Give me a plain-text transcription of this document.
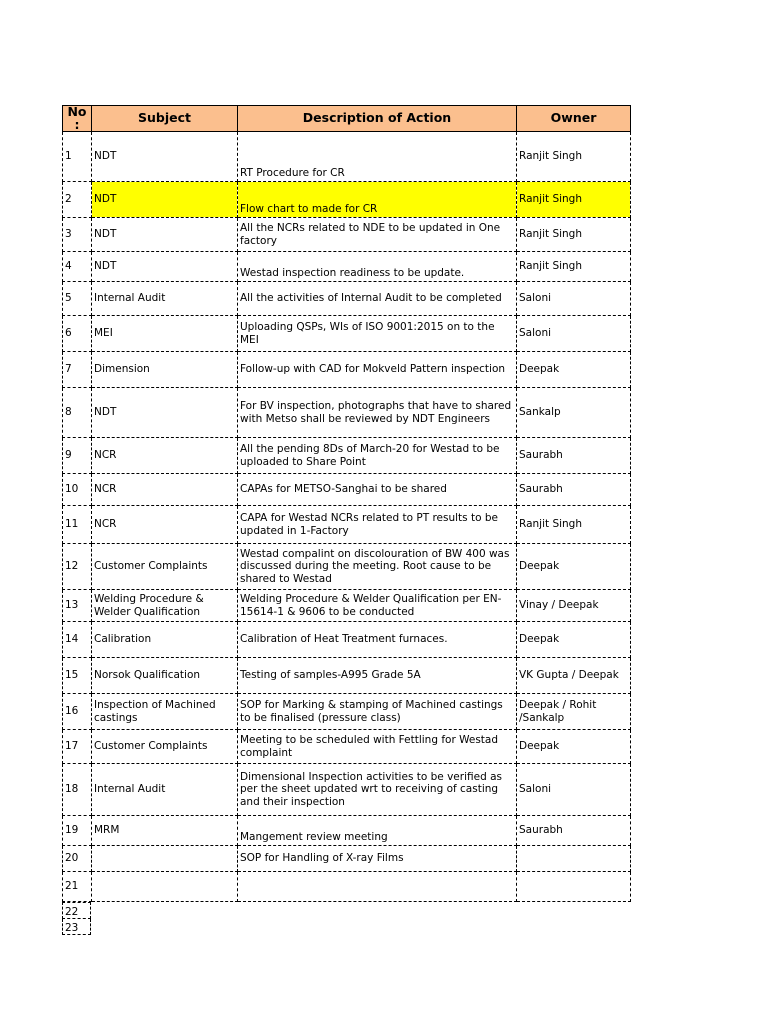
No:	Subject	Description of Action	Owner
1	NDT	RT Procedure for CR	Ranjit Singh
2	NDT	Flow chart to made for CR	Ranjit Singh
3	NDT	All the NCRs related to NDE to be updated in One factory	Ranjit Singh
4	NDT	Westad inspection readiness to be update.	Ranjit Singh
5	Internal Audit	All the activities of Internal Audit to be completed	Saloni
6	MEI	Uploading QSPs, WIs of ISO 9001:2015 on to the MEI	Saloni
7	Dimension	Follow-up with CAD for Mokveld Pattern inspection	Deepak
8	NDT	For BV inspection, photographs that have to shared with Metso shall be reviewed by NDT Engineers	Sankalp
9	NCR	All the pending 8Ds of March-20 for Westad to be uploaded to Share Point	Saurabh
10	NCR	CAPAs for METSO-Sanghai to be shared	Saurabh
11	NCR	CAPA for Westad NCRs related to PT results to be updated in 1-Factory	Ranjit Singh
12	Customer Complaints	Westad compalint on discolouration of BW 400 was discussed during the meeting. Root cause to be shared to Westad	Deepak
13	Welding Procedure & Welder Qualification	Welding Procedure & Welder Qualification per EN-15614-1 & 9606 to be conducted	Vinay / Deepak
14	Calibration	Calibration of Heat Treatment furnaces.	Deepak
15	Norsok Qualification	Testing of samples-A995 Grade 5A	VK Gupta / Deepak
16	Inspection of Machined castings	SOP for Marking & stamping of Machined castings to be finalised (pressure class)	Deepak / Rohit /Sankalp
17	Customer Complaints	Meeting to be scheduled with Fettling for Westad complaint	Deepak
18	Internal Audit	Dimensional Inspection activities to be verified as per the sheet updated wrt to receiving of casting and their inspection	Saloni
19	MRM	Mangement review meeting	Saurabh
20		SOP for Handling of X-ray Films	
21			
22
23
